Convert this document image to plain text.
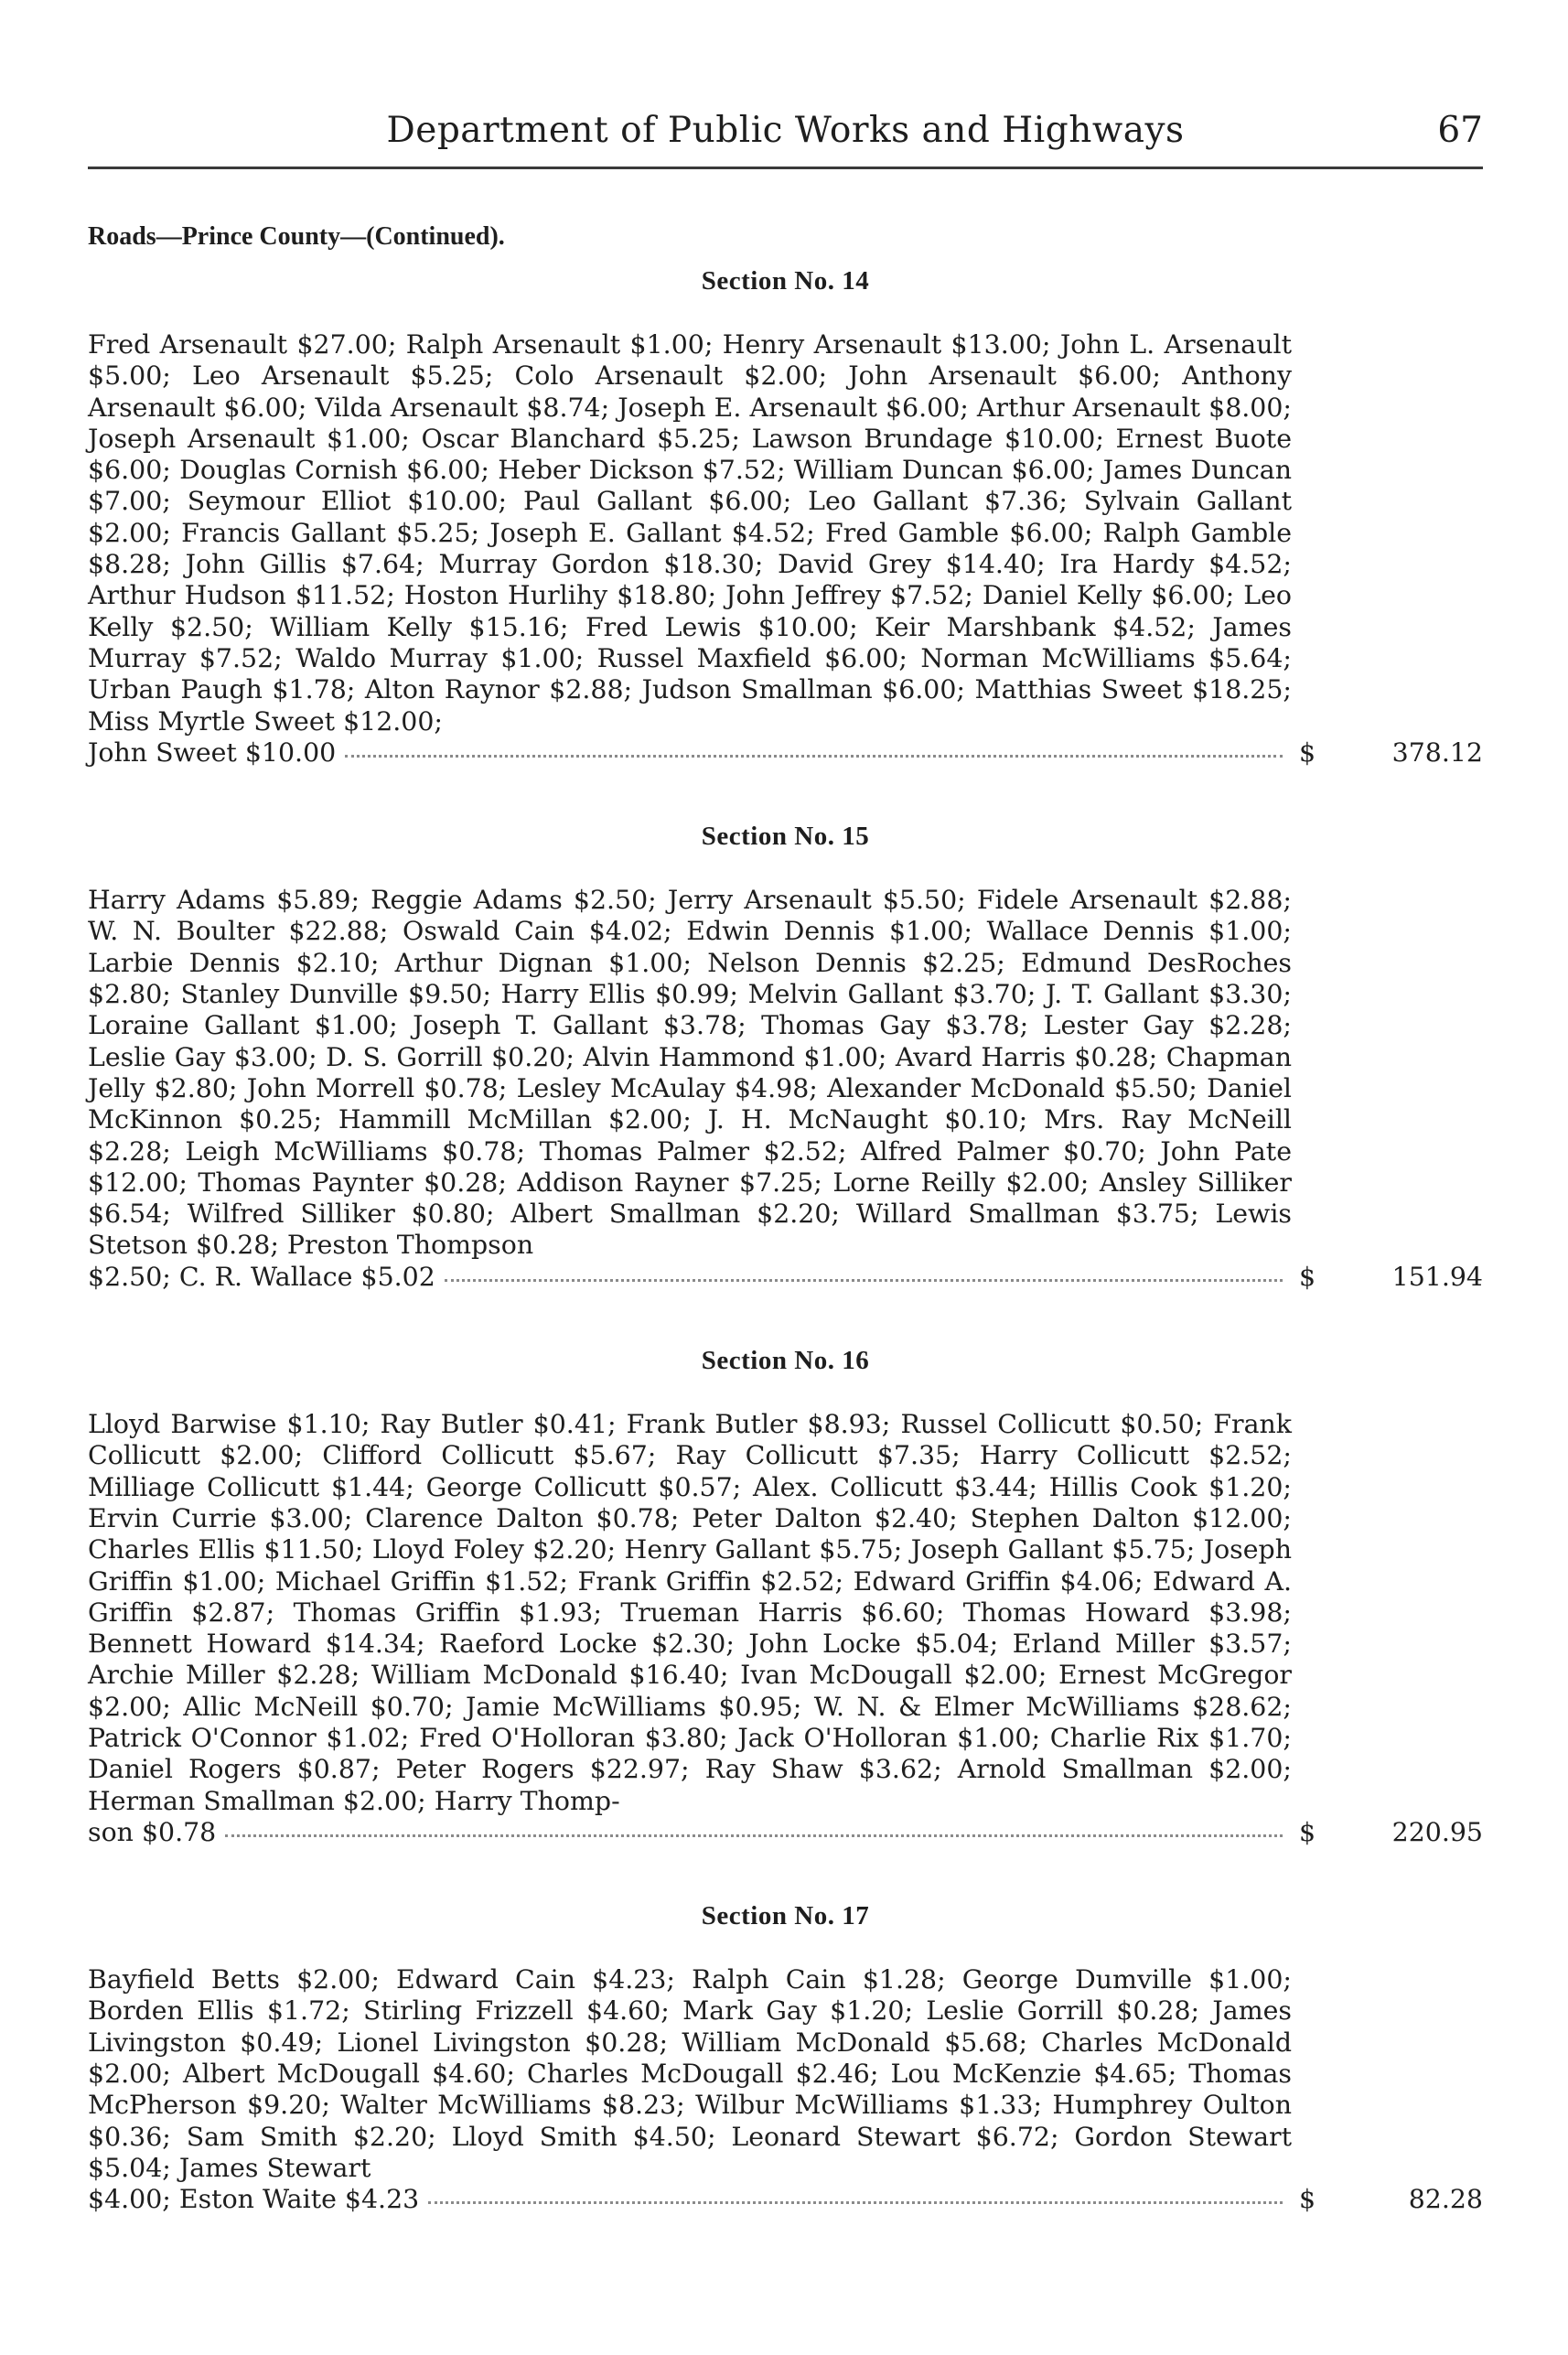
Department of Public Works and Highways	67
Roads—Prince County—(Continued).
Section No. 14
Fred Arsenault $27.00; Ralph Arsenault $1.00; Henry Arsenault $13.00; John L. Arsenault $5.00; Leo Arsenault $5.25; Colo Arsenault $2.00; John Arsenault $6.00; Anthony Arsenault $6.00; Vilda Arsenault $8.74; Joseph E. Arsenault $6.00; Arthur Arsenault $8.00; Joseph Arsenault $1.00; Oscar Blanchard $5.25; Lawson Brundage $10.00; Ernest Buote $6.00; Douglas Cornish $6.00; Heber Dickson $7.52; William Duncan $6.00; James Duncan $7.00; Seymour Elliot $10.00; Paul Gallant $6.00; Leo Gallant $7.36; Sylvain Gallant $2.00; Francis Gallant $5.25; Joseph E. Gallant $4.52; Fred Gamble $6.00; Ralph Gamble $8.28; John Gillis $7.64; Murray Gordon $18.30; David Grey $14.40; Ira Hardy $4.52; Arthur Hudson $11.52; Hoston Hurlihy $18.80; John Jeffrey $7.52; Daniel Kelly $6.00; Leo Kelly $2.50; William Kelly $15.16; Fred Lewis $10.00; Keir Marshbank $4.52; James Murray $7.52; Waldo Murray $1.00; Russel Maxfield $6.00; Norman McWilliams $5.64; Urban Paugh $1.78; Alton Raynor $2.88; Judson Smallman $6.00; Matthias Sweet $18.25; Miss Myrtle Sweet $12.00;
John Sweet $10.00	$	378.12
Section No. 15
Harry Adams $5.89; Reggie Adams $2.50; Jerry Arsenault $5.50; Fidele Arsenault $2.88; W. N. Boulter $22.88; Oswald Cain $4.02; Edwin Dennis $1.00; Wallace Dennis $1.00; Larbie Dennis $2.10; Arthur Dignan $1.00; Nelson Dennis $2.25; Edmund DesRoches $2.80; Stanley Dunville $9.50; Harry Ellis $0.99; Melvin Gallant $3.70; J. T. Gallant $3.30; Loraine Gallant $1.00; Joseph T. Gallant $3.78; Thomas Gay $3.78; Lester Gay $2.28; Leslie Gay $3.00; D. S. Gorrill $0.20; Alvin Hammond $1.00; Avard Harris $0.28; Chapman Jelly $2.80; John Morrell $0.78; Lesley McAulay $4.98; Alexander McDonald $5.50; Daniel McKinnon $0.25; Hammill McMillan $2.00; J. H. McNaught $0.10; Mrs. Ray McNeill $2.28; Leigh McWilliams $0.78; Thomas Palmer $2.52; Alfred Palmer $0.70; John Pate $12.00; Thomas Paynter $0.28; Addison Rayner $7.25; Lorne Reilly $2.00; Ansley Silliker $6.54; Wilfred Silliker $0.80; Albert Smallman $2.20; Willard Smallman $3.75; Lewis Stetson $0.28; Preston Thompson
$2.50; C. R. Wallace $5.02	$	151.94
Section No. 16
Lloyd Barwise $1.10; Ray Butler $0.41; Frank Butler $8.93; Russel Collicutt $0.50; Frank Collicutt $2.00; Clifford Collicutt $5.67; Ray Collicutt $7.35; Harry Collicutt $2.52; Milliage Collicutt $1.44; George Collicutt $0.57; Alex. Collicutt $3.44; Hillis Cook $1.20; Ervin Currie $3.00; Clarence Dalton $0.78; Peter Dalton $2.40; Stephen Dalton $12.00; Charles Ellis $11.50; Lloyd Foley $2.20; Henry Gallant $5.75; Joseph Gallant $5.75; Joseph Griffin $1.00; Michael Griffin $1.52; Frank Griffin $2.52; Edward Griffin $4.06; Edward A. Griffin $2.87; Thomas Griffin $1.93; Trueman Harris $6.60; Thomas Howard $3.98; Bennett Howard $14.34; Raeford Locke $2.30; John Locke $5.04; Erland Miller $3.57; Archie Miller $2.28; William McDonald $16.40; Ivan McDougall $2.00; Ernest McGregor $2.00; Allic McNeill $0.70; Jamie McWilliams $0.95; W. N. & Elmer McWilliams $28.62; Patrick O'Connor $1.02; Fred O'Holloran $3.80; Jack O'Holloran $1.00; Charlie Rix $1.70; Daniel Rogers $0.87; Peter Rogers $22.97; Ray Shaw $3.62; Arnold Smallman $2.00; Herman Smallman $2.00; Harry Thomp-
son $0.78	$	220.95
Section No. 17
Bayfield Betts $2.00; Edward Cain $4.23; Ralph Cain $1.28; George Dumville $1.00; Borden Ellis $1.72; Stirling Frizzell $4.60; Mark Gay $1.20; Leslie Gorrill $0.28; James Livingston $0.49; Lionel Livingston $0.28; William McDonald $5.68; Charles McDonald $2.00; Albert McDougall $4.60; Charles McDougall $2.46; Lou McKenzie $4.65; Thomas McPherson $9.20; Walter McWilliams $8.23; Wilbur McWilliams $1.33; Humphrey Oulton $0.36; Sam Smith $2.20; Lloyd Smith $4.50; Leonard Stewart $6.72; Gordon Stewart $5.04; James Stewart
$4.00; Eston Waite $4.23	$	82.28
